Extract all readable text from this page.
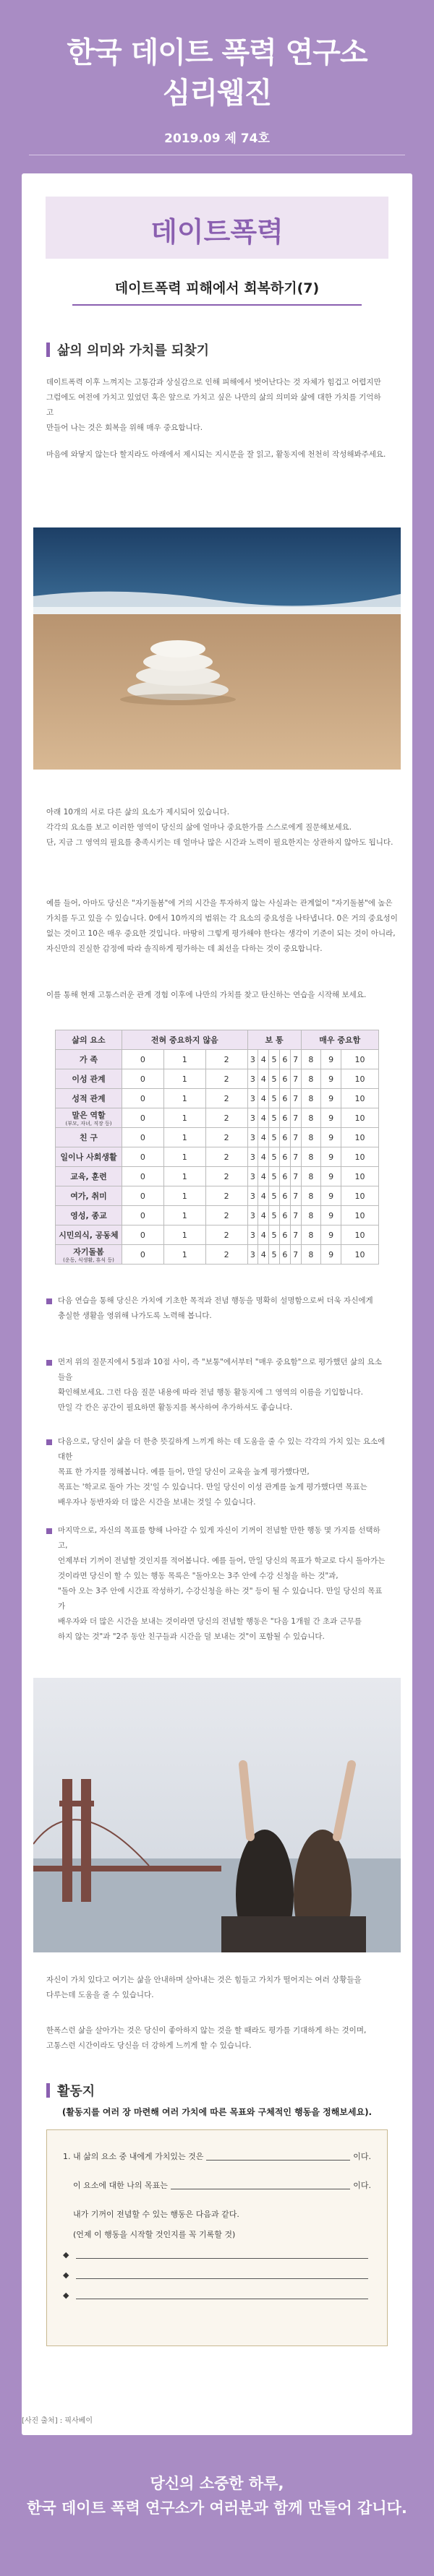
한국 데이트 폭력 연구소
심리웹진
2019.09 제 74호
데이트폭력
데이트폭력 피해에서 회복하기(7)
삶의 의미와 가치를 되찾기
데이트폭력 이후 느껴지는 고통감과 상실감으로 인해 피해에서 벗어난다는 것 자체가 힘겁고 어렵지만
그럼에도 여전에 가치고 있었던 혹은 앞으로 가치고 싶은 나만의 삶의 의미와 삶에 대한 가치를 기억하고
만들어 나는 것은 회복을 위해 매우 중요합니다.
마음에 와닿지 않는다 할지라도 아래에서 제시되는 지시문을 잘 읽고, 활동지에 천천히 작성해봐주세요.
아래 10개의 서로 다른 삶의 요소가 제시되어 있습니다.
각각의 요소를 보고 이러한 영역이 당신의 삶에 얼마나 중요한가를 스스로에게 질문해보세요.
단, 지금 그 영역의 필요를 충족시키는 데 얼마나 많은 시간과 노력이 필요한지는 상관하지 않아도 됩니다.
예를 들어, 아마도 당신은 "자기돌봄"에 거의 시간을 투자하지 않는 사실과는 관계없이 "자기돌봄"에 높은
가치를 두고 있을 수 있습니다. 0에서 10까지의 범위는 각 요소의 중요성을 나타냅니다. 0은 거의 중요성이
없는 것이고 10은 매우 중요한 것입니다. 마땅히 그렇게 평가해야 한다는 생각이 기준이 되는 것이 아니라,
자신만의 진실한 감정에 따라 솔직하게 평가하는 데 최선을 다하는 것이 중요합니다.
이를 통해 현재 고통스러운 관계 경험 이후에 나만의 가치를 찾고 탄신하는 연습을 시작해 보세요.
삶의 요소	전혀 중요하지 않음			보 통					매우 중요함		
가 족	0	1	2	3	4	5	6	7	8	9	10
이성 관계	0	1	2	3	4	5	6	7	8	9	10
성적 관계	0	1	2	3	4	5	6	7	8	9	10
말은 역할
(부모, 자녀, 직장 등)	0	1	2	3	4	5	6	7	8	9	10
친 구	0	1	2	3	4	5	6	7	8	9	10
일이나 사회생활	0	1	2	3	4	5	6	7	8	9	10
교육, 훈련	0	1	2	3	4	5	6	7	8	9	10
여가, 취미	0	1	2	3	4	5	6	7	8	9	10
영성, 종교	0	1	2	3	4	5	6	7	8	9	10
시민의식, 공동체	0	1	2	3	4	5	6	7	8	9	10
자기돌봄
(운동, 식생활, 휴식 등)	0	1	2	3	4	5	6	7	8	9	10
다음 연습을 통해 당신은 가치에 기초한 목적과 전념 행동을 명확히 설명함으로써 더욱 자신에게
충실한 생활을 영위해 나가도록 노력해 봅니다.
먼저 위의 질문지에서 5점과 10점 사이, 즉 "보통"에서부터 "매우 중요함"으로 평가했던 삶의 요소들을
확인해보세요. 그런 다음 질문 내용에 따라 전념 행동 활동지에 그 영역의 이름을 기입합니다.
만일 각 칸은 공간이 필요하면 활동지를 복사하여 추가하셔도 좋습니다.
다음으로, 당신이 삶을 더 한층 뜻깊하게 느끼게 하는 데 도움을 줄 수 있는 각각의 가치 있는 요소에 대한
목표 한 가지를 정해봅니다. 예를 들어, 만일 당신이 교육을 높게 평가했다면,
목표는 '학교로 돌아 가는 것'일 수 있습니다. 만일 당신이 이성 관계를 높게 평가했다면 목표는
배우자나 동반자와 더 많은 시간을 보내는 것일 수 있습니다.
마지막으로, 자신의 목표를 향해 나아갈 수 있게 자신이 기꺼이 전념할 만한 행동 몇 가지를 선택하고,
언제부터 기꺼이 전념할 것인지를 적어봅니다. 예를 들어, 만일 당신의 목표가 학교로 다시 돌아가는
것이라면 당신이 할 수 있는 행동 목록은 "돌아오는 3주 안에 수강 신청을 하는 것"과,
"돌아 오는 3주 안에 시간표 작성하기, 수강신청을 하는 것" 등이 될 수 있습니다. 만일 당신의 목표가
배우자와 더 많은 시간을 보내는 것이라면 당신의 전념할 행동은 "다음 1개월 간 초과 근무를
하지 않는 것"과 "2주 동안 친구들과 시간을 덜 보내는 것"이 포함될 수 있습니다.
자신이 가치 있다고 여기는 삶을 안내하며 살아내는 것은 힘들고 가치가 떨어지는 여러 상황들을
다루는데 도움을 줄 수 있습니다.
한폭스런 삶을 살아가는 것은 당신이 좋아하지 않는 것을 할 때라도 평가를 기대하게 하는 것이며,
고통스런 시간이라도 당신을 더 강하게 느끼게 할 수 있습니다.
활동지
(활동지를 여러 장 마련해 여러 가치에 따른 목표와 구체적인 행동을 정해보세요).
1. 내 삶의 요소 중 내에게 가치있는 것은	이다.
이 요소에 대한 나의 목표는	이다.
내가 기꺼이 전념할 수 있는 행동은 다음과 같다.
(언제 이 행동을 시작할 것인지를 꼭 기록할 것)
◆
◆
◆
[사진 출처] : 픽사베이
당신의 소중한 하루,
한국 데이트 폭력 연구소가 여러분과 함께 만들어 갑니다.
